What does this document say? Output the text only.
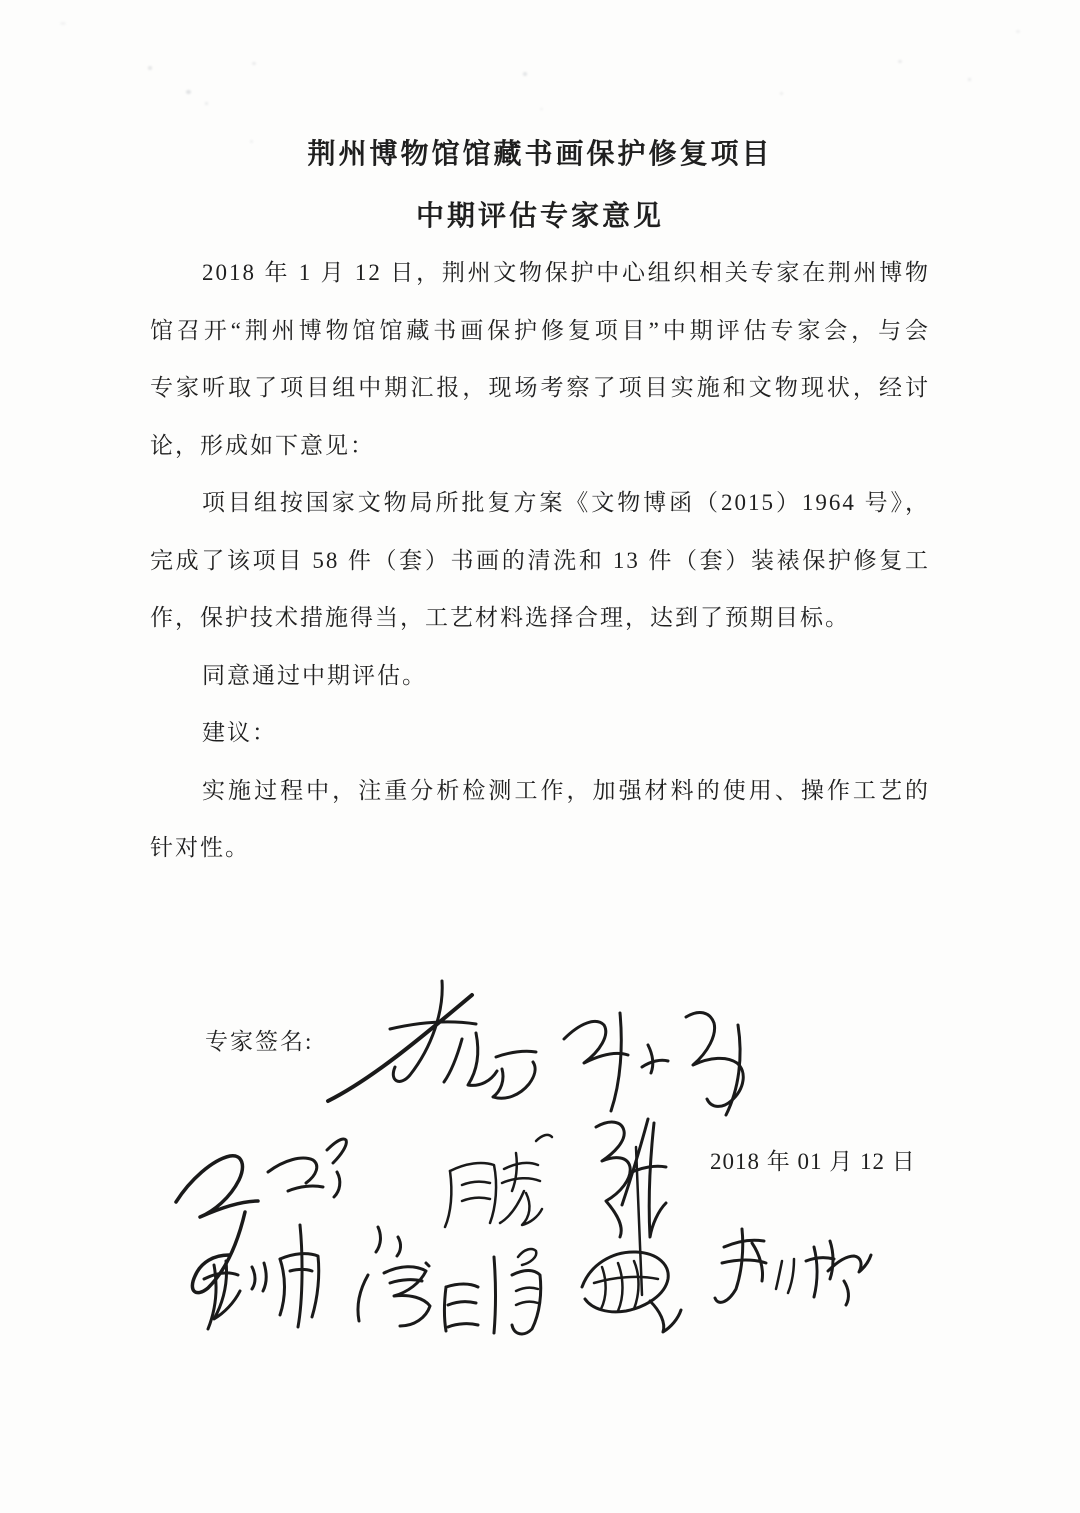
荆州博物馆馆藏书画保护修复项目
中期评估专家意见
2018 年 1 月 12 日，荆州文物保护中心组织相关专家在荆州博物
馆召开“荆州博物馆馆藏书画保护修复项目”中期评估专家会，与会
专家听取了项目组中期汇报，现场考察了项目实施和文物现状，经讨
论，形成如下意见：
项目组按国家文物局所批复方案《文物博函（2015）1964 号》，
完成了该项目 58 件（套）书画的清洗和 13 件（套）装裱保护修复工
作，保护技术措施得当，工艺材料选择合理，达到了预期目标。
同意通过中期评估。
建议：
实施过程中，注重分析检测工作，加强材料的使用、操作工艺的
针对性。
专家签名:
2018 年 01 月 12 日
